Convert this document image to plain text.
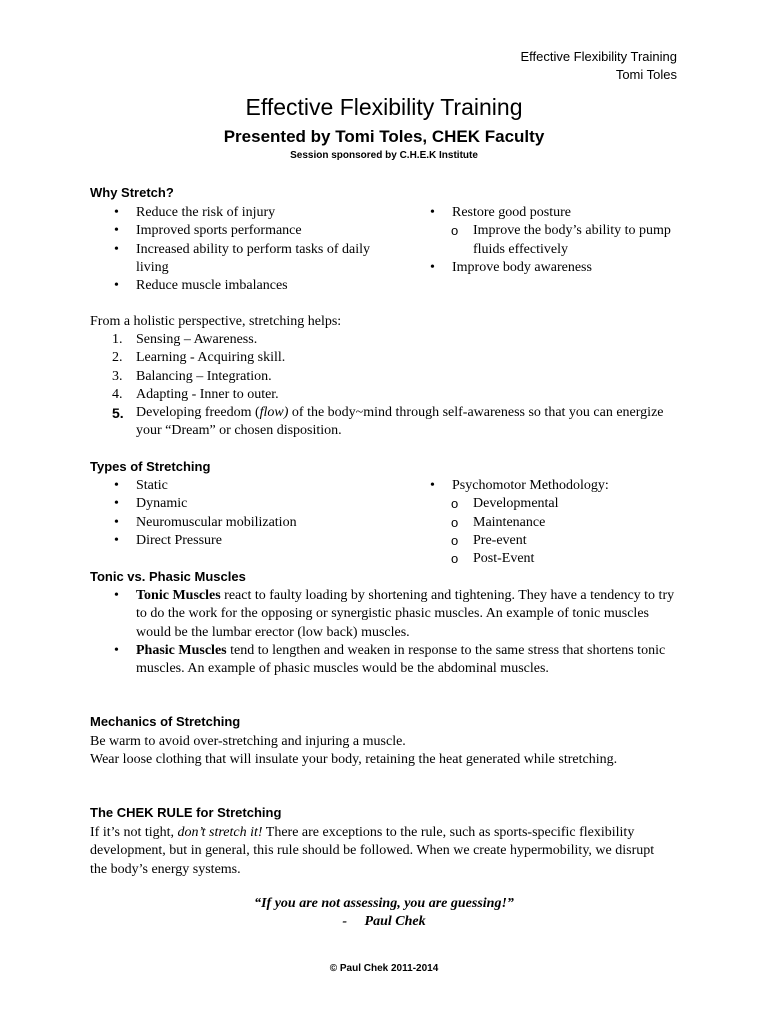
Effective Flexibility Training
Tomi Toles
Effective Flexibility Training
Presented by Tomi Toles, CHEK Faculty
Session sponsored by C.H.E.K Institute
Why Stretch?
• Reduce the risk of injury
• Improved sports performance
• Increased ability to perform tasks of daily living
• Reduce muscle imbalances
• Restore good posture
o Improve the body’s ability to pump fluids effectively
• Improve body awareness
From a holistic perspective, stretching helps:
1. Sensing – Awareness.
2. Learning - Acquiring skill.
3. Balancing – Integration.
4. Adapting - Inner to outer.
5. Developing freedom (flow) of the body~mind through self-awareness so that you can energize your “Dream” or chosen disposition.
Types of Stretching
• Static
• Dynamic
• Neuromuscular mobilization
• Direct Pressure
• Psychomotor Methodology:
o Developmental
o Maintenance
o Pre-event
o Post-Event
Tonic vs. Phasic Muscles
• Tonic Muscles react to faulty loading by shortening and tightening. They have a tendency to try to do the work for the opposing or synergistic phasic muscles. An example of tonic muscles would be the lumbar erector (low back) muscles.
• Phasic Muscles tend to lengthen and weaken in response to the same stress that shortens tonic muscles. An example of phasic muscles would be the abdominal muscles.
Mechanics of Stretching
Be warm to avoid over-stretching and injuring a muscle.
Wear loose clothing that will insulate your body, retaining the heat generated while stretching.
The CHEK RULE for Stretching
If it’s not tight, don’t stretch it! There are exceptions to the rule, such as sports-specific flexibility development, but in general, this rule should be followed. When we create hypermobility, we disrupt the body’s energy systems.
“If you are not assessing, you are guessing!”
-     Paul Chek
© Paul Chek 2011-2014
